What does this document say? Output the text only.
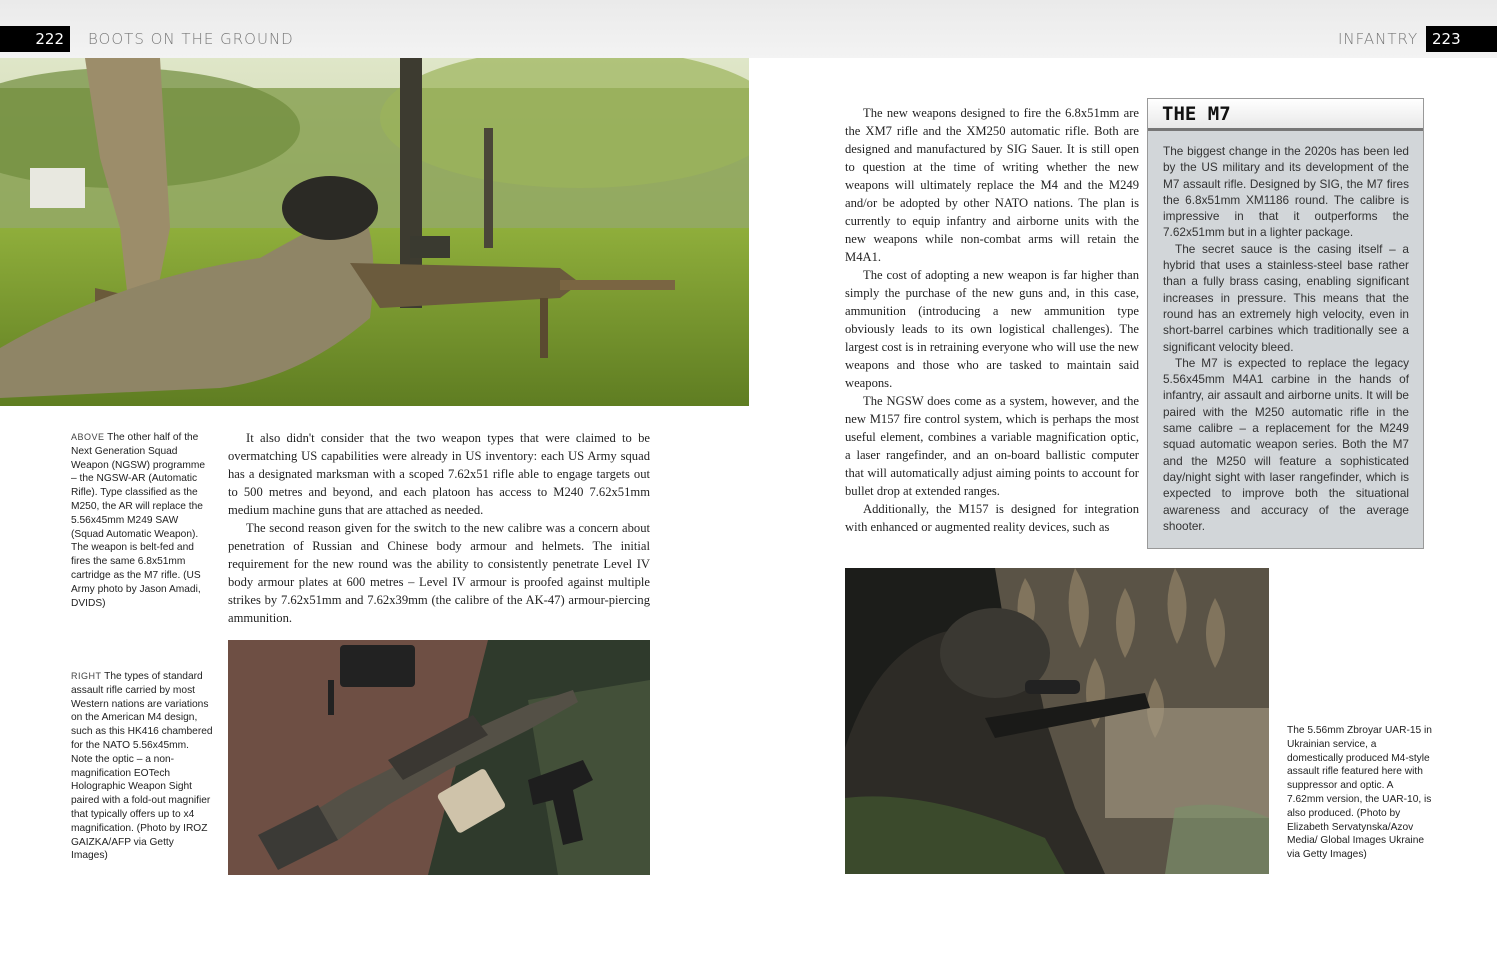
222	BOOTS ON THE GROUND	INFANTRY 223
ABOVE The other half of the Next Generation Squad Weapon (NGSW) programme – the NGSW-AR (Automatic Rifle). Type classified as the M250, the AR will replace the 5.56x45mm M249 SAW (Squad Automatic Weapon). The weapon is belt-fed and fires the same 6.8x51mm cartridge as the M7 rifle. (US Army photo by Jason Amadi, DVIDS)

It also didn't consider that the two weapon types that were claimed to be overmatching US capabilities were already in US inventory: each US Army squad has a designated marksman with a scoped 7.62x51 rifle able to engage targets out to 500 metres and beyond, and each platoon has access to M240 7.62x51mm medium machine guns that are attached as needed.

The second reason given for the switch to the new calibre was a concern about penetration of Russian and Chinese body armour and helmets. The initial requirement for the new round was the ability to consistently penetrate Level IV body armour plates at 600 metres – Level IV armour is proofed against multiple strikes by 7.62x51mm and 7.62x39mm (the calibre of the AK-47) armour-piercing ammunition.

RIGHT The types of standard assault rifle carried by most Western nations are variations on the American M4 design, such as this HK416 chambered for the NATO 5.56x45mm. Note the optic – a non-magnification EOTech Holographic Weapon Sight paired with a fold-out magnifier that typically offers up to x4 magnification. (Photo by IROZ GAIZKA/AFP via Getty Images)

The new weapons designed to fire the 6.8x51mm are the XM7 rifle and the XM250 automatic rifle. Both are designed and manufactured by SIG Sauer. It is still open to question at the time of writing whether the new weapons will ultimately replace the M4 and the M249 and/or be adopted by other NATO nations. The plan is currently to equip infantry and airborne units with the new weapons while non-combat arms will retain the M4A1.

The cost of adopting a new weapon is far higher than simply the purchase of the new guns and, in this case, ammunition (introducing a new ammunition type obviously leads to its own logistical challenges). The largest cost is in retraining everyone who will use the new weapons and those who are tasked to maintain said weapons.

The NGSW does come as a system, however, and the new M157 fire control system, which is perhaps the most useful element, combines a variable magnification optic, a laser rangefinder, and an on-board ballistic computer that will automatically adjust aiming points to account for bullet drop at extended ranges.

Additionally, the M157 is designed for integration with enhanced or augmented reality devices, such as

THE M7

The biggest change in the 2020s has been led by the US military and its development of the M7 assault rifle. Designed by SIG, the M7 fires the 6.8x51mm XM1186 round. The calibre is impressive in that it outperforms the 7.62x51mm but in a lighter package.

The secret sauce is the casing itself – a hybrid that uses a stainless-steel base rather than a fully brass casing, enabling significant increases in pressure. This means that the round has an extremely high velocity, even in short-barrel carbines which traditionally see a significant velocity bleed.

The M7 is expected to replace the legacy 5.56x45mm M4A1 carbine in the hands of infantry, air assault and airborne units. It will be paired with the M250 automatic rifle in the same calibre – a replacement for the M249 squad automatic weapon series. Both the M7 and the M250 will feature a sophisticated day/night sight with laser rangefinder, which is expected to improve both the situational awareness and accuracy of the average shooter.

The 5.56mm Zbroyar UAR-15 in Ukrainian service, a domestically produced M4-style assault rifle featured here with suppressor and optic. A 7.62mm version, the UAR-10, is also produced. (Photo by Elizabeth Servatynska/Azov Media/ Global Images Ukraine via Getty Images)
